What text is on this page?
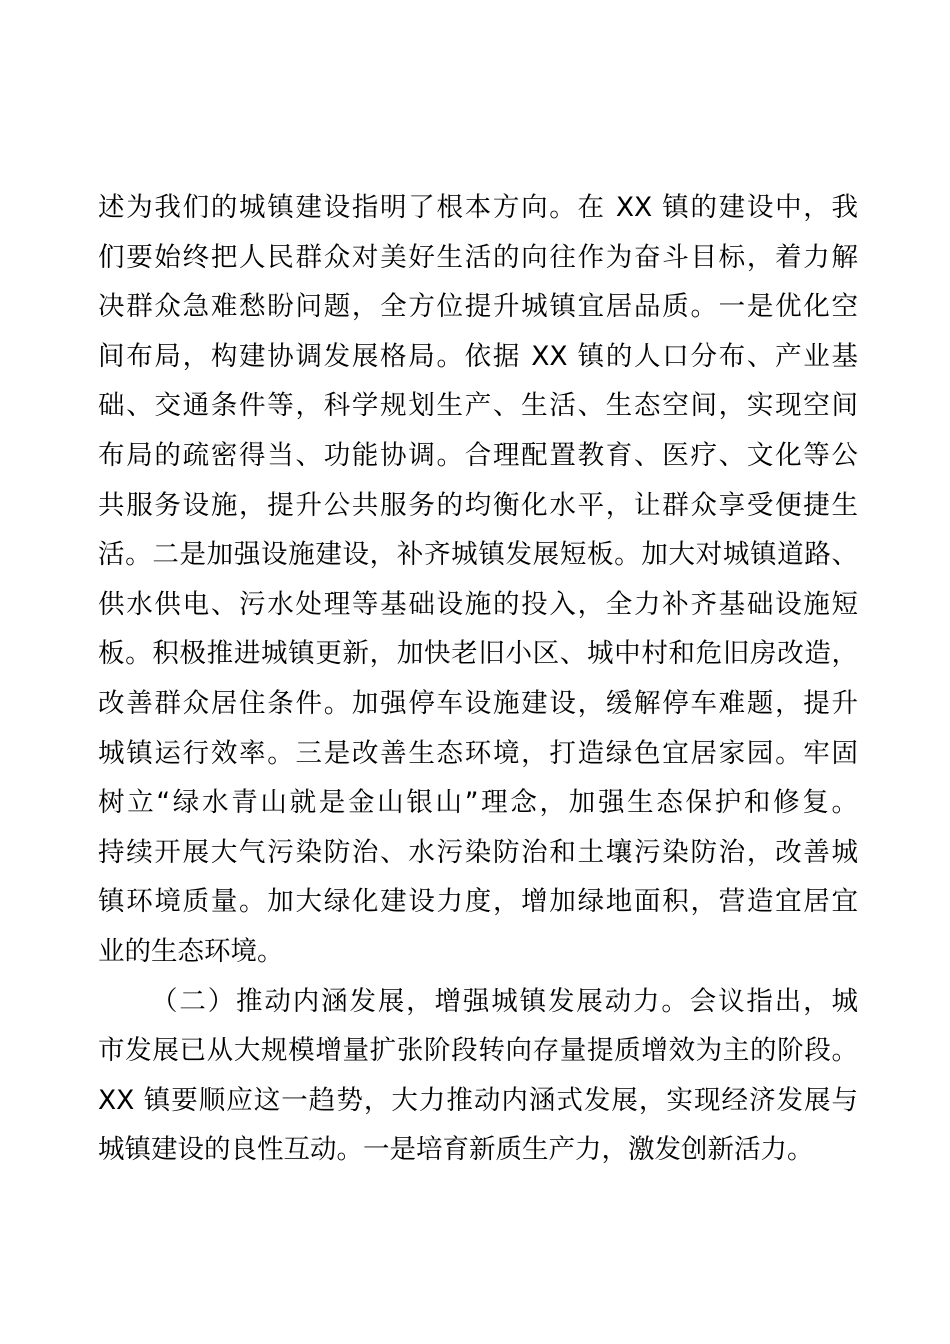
述为我们的城镇建设指明了根本方向。在 XX 镇的建设中，我
们要始终把人民群众对美好生活的向往作为奋斗目标，着力解
决群众急难愁盼问题，全方位提升城镇宜居品质。一是优化空
间布局，构建协调发展格局。依据 XX 镇的人口分布、产业基
础、交通条件等，科学规划生产、生活、生态空间，实现空间
布局的疏密得当、功能协调。合理配置教育、医疗、文化等公
共服务设施，提升公共服务的均衡化水平，让群众享受便捷生
活。二是加强设施建设，补齐城镇发展短板。加大对城镇道路、
供水供电、污水处理等基础设施的投入，全力补齐基础设施短
板。积极推进城镇更新，加快老旧小区、城中村和危旧房改造，
改善群众居住条件。加强停车设施建设，缓解停车难题，提升
城镇运行效率。三是改善生态环境，打造绿色宜居家园。牢固
树立“绿水青山就是金山银山”理念，加强生态保护和修复。
持续开展大气污染防治、水污染防治和土壤污染防治，改善城
镇环境质量。加大绿化建设力度，增加绿地面积，营造宜居宜
业的生态环境。

（二）推动内涵发展，增强城镇发展动力。会议指出，城
市发展已从大规模增量扩张阶段转向存量提质增效为主的阶段。
XX 镇要顺应这一趋势，大力推动内涵式发展，实现经济发展与
城镇建设的良性互动。一是培育新质生产力，激发创新活力。
